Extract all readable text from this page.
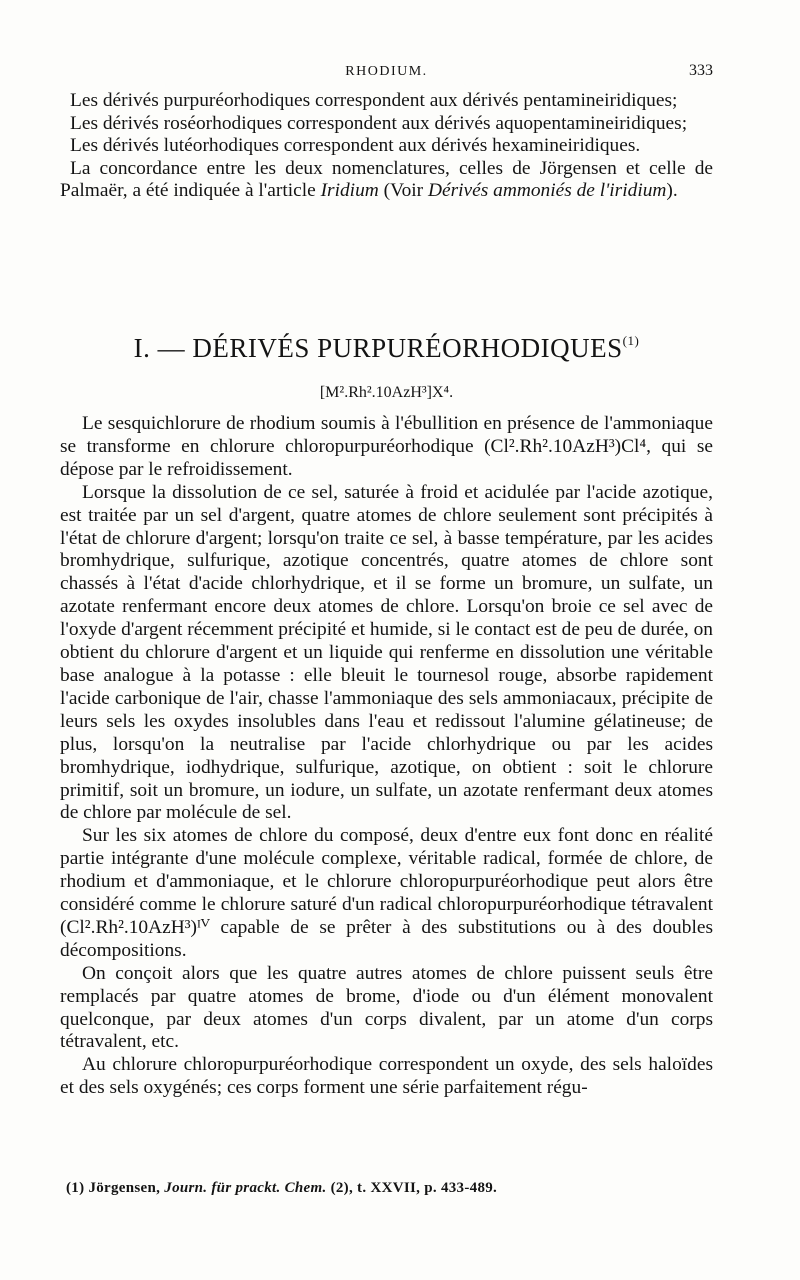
RHODIUM.	333

Les dérivés purpuréorhodiques correspondent aux dérivés pentamineiridiques;

Les dérivés roséorhodiques correspondent aux dérivés aquopentamineiridiques;

Les dérivés lutéorhodiques correspondent aux dérivés hexamineiridiques.

La concordance entre les deux nomenclatures, celles de Jörgensen et celle de Palmaër, a été indiquée à l'article Iridium (Voir Dérivés ammoniés de l'iridium).

I. — DÉRIVÉS PURPURÉORHODIQUES$^{(1)}$
[M².Rh².10AzH³]X⁴.

Le sesquichlorure de rhodium soumis à l'ébullition en présence de l'ammoniaque se transforme en chlorure chloropurpuréorhodique (Cl².Rh².10AzH³)Cl⁴, qui se dépose par le refroidissement.

Lorsque la dissolution de ce sel, saturée à froid et acidulée par l'acide azotique, est traitée par un sel d'argent, quatre atomes de chlore seulement sont précipités à l'état de chlorure d'argent; lorsqu'on traite ce sel, à basse température, par les acides bromhydrique, sulfurique, azotique concentrés, quatre atomes de chlore sont chassés à l'état d'acide chlorhydrique, et il se forme un bromure, un sulfate, un azotate renfermant encore deux atomes de chlore. Lorsqu'on broie ce sel avec de l'oxyde d'argent récemment précipité et humide, si le contact est de peu de durée, on obtient du chlorure d'argent et un liquide qui renferme en dissolution une véritable base analogue à la potasse : elle bleuit le tournesol rouge, absorbe rapidement l'acide carbonique de l'air, chasse l'ammoniaque des sels ammoniacaux, précipite de leurs sels les oxydes insolubles dans l'eau et redissout l'alumine gélatineuse; de plus, lorsqu'on la neutralise par l'acide chlorhydrique ou par les acides bromhydrique, iodhydrique, sulfurique, azotique, on obtient : soit le chlorure primitif, soit un bromure, un iodure, un sulfate, un azotate renfermant deux atomes de chlore par molécule de sel.

Sur les six atomes de chlore du composé, deux d'entre eux font donc en réalité partie intégrante d'une molécule complexe, véritable radical, formée de chlore, de rhodium et d'ammoniaque, et le chlorure chloropurpuréorhodique peut alors être considéré comme le chlorure saturé d'un radical chloropurpuréorhodique tétravalent (Cl².Rh².10AzH³)ᴵⱽ capable de se prêter à des substitutions ou à des doubles décompositions.

On conçoit alors que les quatre autres atomes de chlore puissent seuls être remplacés par quatre atomes de brome, d'iode ou d'un élément monovalent quelconque, par deux atomes d'un corps divalent, par un atome d'un corps tétravalent, etc.

Au chlorure chloropurpuréorhodique correspondent un oxyde, des sels haloïdes et des sels oxygénés; ces corps forment une série parfaitement régu-

(1) Jörgensen, Journ. für prackt. Chem. (2), t. XXVII, p. 433-489.
